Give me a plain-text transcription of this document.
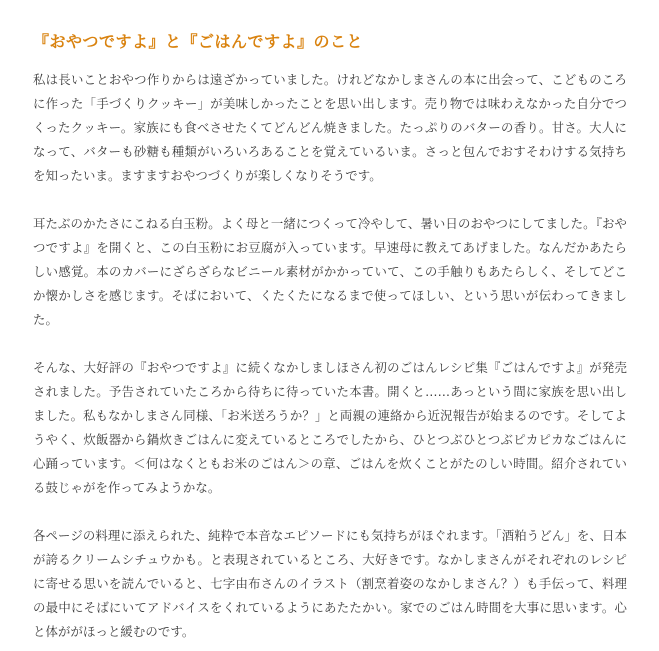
『おやつですよ』と『ごはんですよ』のこと

私は長いことおやつ作りからは遠ざかっていました。けれどなかしまさんの本に出会って、こどものころに作った「手づくりクッキー」が美味しかったことを思い出します。売り物では味わえなかった自分でつくったクッキー。家族にも食べさせたくてどんどん焼きました。たっぷりのバターの香り。甘さ。大人になって、バターも砂糖も種類がいろいろあることを覚えているいま。さっと包んでおすそわけする気持ちを知ったいま。ますますおやつづくりが楽しくなりそうです。

耳たぶのかたさにこねる白玉粉。よく母と一緒につくって冷やして、暑い日のおやつにしてました。『おやつですよ』を開くと、この白玉粉にお豆腐が入っています。早速母に教えてあげました。なんだかあたらしい感覚。本のカバーにざらざらなビニール素材がかかっていて、この手触りもあたらしく、そしてどこか懐かしさを感じます。そばにおいて、くたくたになるまで使ってほしい、という思いが伝わってきました。

そんな、大好評の『おやつですよ』に続くなかしましほさん初のごはんレシピ集『ごはんですよ』が発売されました。予告されていたころから待ちに待っていた本書。開くと……あっという間に家族を思い出しました。私もなかしまさん同様、「お米送ろうか？」と両親の連絡から近況報告が始まるのです。そしてようやく、炊飯器から鍋炊きごはんに変えているところでしたから、ひとつぶひとつぶピカピカなごはんに心踊っています。＜何はなくともお米のごはん＞の章、ごはんを炊くことがたのしい時間。紹介されている鼓じゃがを作ってみようかな。

各ページの料理に添えられた、純粋で本音なエピソードにも気持ちがほぐれます。「酒粕うどん」を、日本が誇るクリームシチュウかも。と表現されているところ、大好きです。なかしまさんがそれぞれのレシピに寄せる思いを読んでいると、七字由布さんのイラスト（割烹着姿のなかしまさん？）も手伝って、料理の最中にそばにいてアドバイスをくれているようにあたたかい。家でのごはん時間を大事に思います。心と体ががほっと緩むのです。
